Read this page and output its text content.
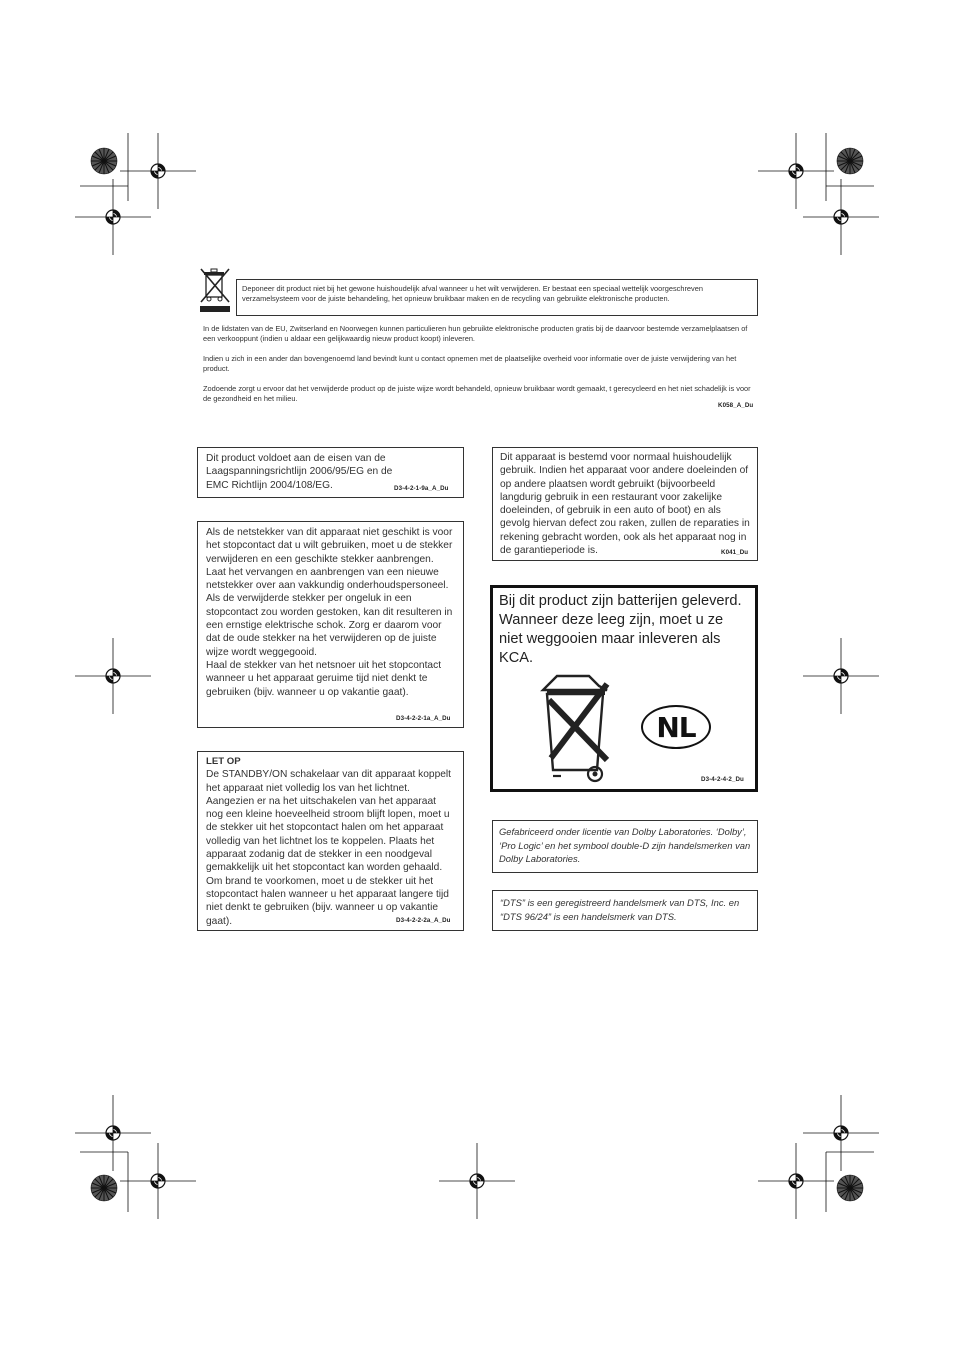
Deponeer dit product niet bij het gewone huishoudelijk afval wanneer u het wilt verwijderen. Er bestaat een speciaal wettelijk voorgeschreven verzamelsysteem voor de juiste behandeling, het opnieuw bruikbaar maken en de recycling van gebruikte elektronische producten.
In de lidstaten van de EU, Zwitserland en Noorwegen kunnen particulieren hun gebruikte elektronische producten gratis bij de daarvoor bestemde verzamelplaatsen of een verkooppunt (indien u aldaar een gelijkwaardig nieuw product koopt) inleveren.
Indien u zich in een ander dan bovengenoemd land bevindt kunt u contact opnemen met de plaatselijke overheid voor informatie over de juiste verwijdering van het product.
Zodoende zorgt u ervoor dat het verwijderde product op de juiste wijze wordt behandeld, opnieuw bruikbaar wordt gemaakt, t gerecycleerd en het niet schadelijk is voor de gezondheid en het milieu.
K058_A_Du
Dit product voldoet aan de eisen van de Laagspanningsrichtlijn 2006/95/EG en de EMC Richtlijn 2004/108/EG.	D3-4-2-1-9a_A_Du
Als de netstekker van dit apparaat niet geschikt is voor het stopcontact dat u wilt gebruiken, moet u de stekker verwijderen en een geschikte stekker aanbrengen. Laat het vervangen en aanbrengen van een nieuwe netstekker over aan vakkundig onderhoudspersoneel. Als de verwijderde stekker per ongeluk in een stopcontact zou worden gestoken, kan dit resulteren in een ernstige elektrische schok. Zorg er daarom voor dat de oude stekker na het verwijderen op de juiste wijze wordt weggegooid.
Haal de stekker van het netsnoer uit het stopcontact wanneer u het apparaat geruime tijd niet denkt te gebruiken (bijv. wanneer u op vakantie gaat).
D3-4-2-2-1a_A_Du
LET OP
De STANDBY/ON schakelaar van dit apparaat koppelt het apparaat niet volledig los van het lichtnet. Aangezien er na het uitschakelen van het apparaat nog een kleine hoeveelheid stroom blijft lopen, moet u de stekker uit het stopcontact halen om het apparaat volledig van het lichtnet los te koppelen. Plaats het apparaat zodanig dat de stekker in een noodgeval gemakkelijk uit het stopcontact kan worden gehaald. Om brand te voorkomen, moet u de stekker uit het stopcontact halen wanneer u het apparaat langere tijd niet denkt te gebruiken (bijv. wanneer u op vakantie gaat).	D3-4-2-2-2a_A_Du
Dit apparaat is bestemd voor normaal huishoudelijk gebruik. Indien het apparaat voor andere doeleinden of op andere plaatsen wordt gebruikt (bijvoorbeeld langdurig gebruik in een restaurant voor zakelijke doeleinden, of gebruik in een auto of boot) en als gevolg hiervan defect zou raken, zullen de reparaties in rekening gebracht worden, ook als het apparaat nog in de garantieperiode is.	K041_Du
Bij dit product zijn batterijen geleverd. Wanneer deze leeg zijn, moet u ze niet weggooien maar inleveren als KCA.
NL
D3-4-2-4-2_Du
Gefabriceerd onder licentie van Dolby Laboratories. ‘Dolby’, ‘Pro Logic’ en het symbool double-D zijn handelsmerken van Dolby Laboratories.
“DTS” is een geregistreerd handelsmerk van DTS, Inc. en “DTS 96/24” is een handelsmerk van DTS.
